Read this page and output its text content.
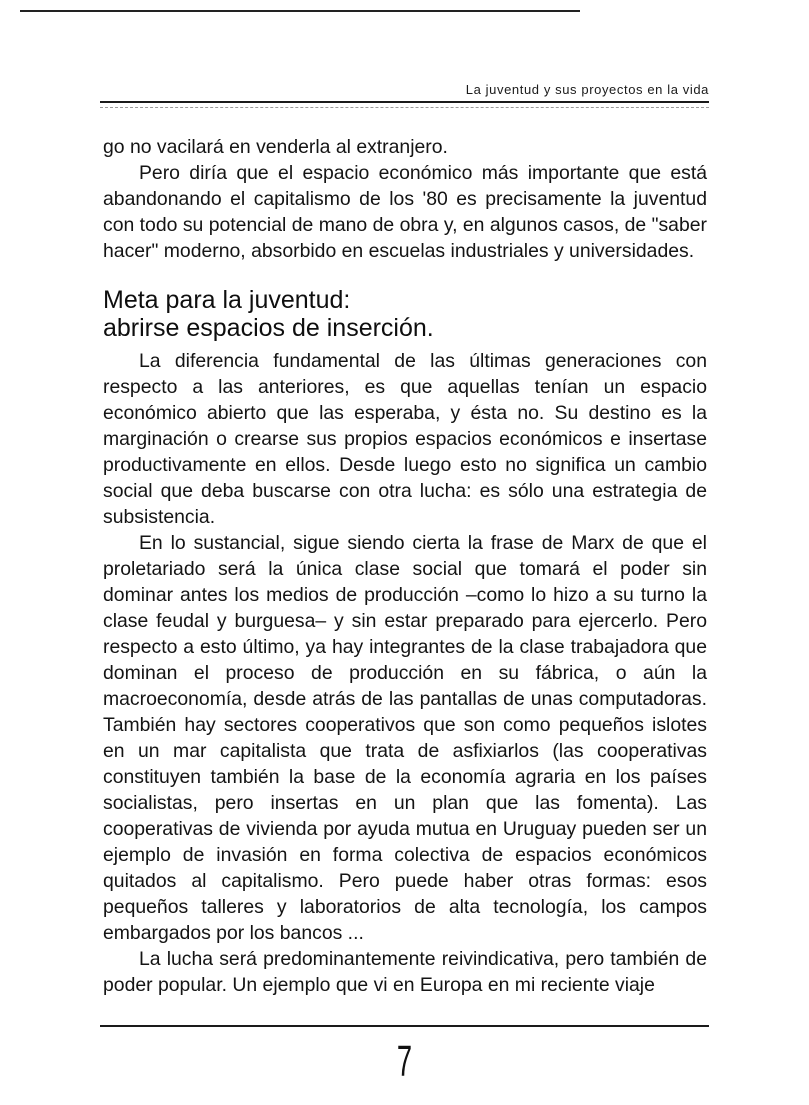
La juventud y sus proyectos en la vida

go no vacilará en venderla al extranjero.

Pero diría que el espacio económico más importante que está abandonando el capitalismo de los '80 es precisamente la juventud con todo su potencial de mano de obra y, en algunos casos, de "saber hacer" moderno, absorbido en escuelas industriales y universidades.

Meta para la juventud:
abrirse espacios de inserción.

La diferencia fundamental de las últimas generaciones con respecto a las anteriores, es que aquellas tenían un espacio económico abierto que las esperaba, y ésta no. Su destino es la marginación o crearse sus propios espacios económicos e insertase productivamente en ellos. Desde luego esto no significa un cambio social que deba buscarse con otra lucha: es sólo una estrategia de subsistencia.

En lo sustancial, sigue siendo cierta la frase de Marx de que el proletariado será la única clase social que tomará el poder sin dominar antes los medios de producción –como lo hizo a su turno la clase feudal y burguesa– y sin estar preparado para ejercerlo. Pero respecto a esto último, ya hay integrantes de la clase trabajadora que dominan el proceso de producción en su fábrica, o aún la macroeconomía, desde atrás de las pantallas de unas computadoras. También hay sectores cooperativos que son como pequeños islotes en un mar capitalista que trata de asfixiarlos (las cooperativas constituyen también la base de la economía agraria en los países socialistas, pero insertas en un plan que las fomenta). Las cooperativas de vivienda por ayuda mutua en Uruguay pueden ser un ejemplo de invasión en forma colectiva de espacios económicos quitados al capitalismo. Pero puede haber otras formas: esos pequeños talleres y laboratorios de alta tecnología, los campos embargados por los bancos ...

La lucha será predominantemente reivindicativa, pero también de poder popular. Un ejemplo que vi en Europa en mi reciente viaje

7
